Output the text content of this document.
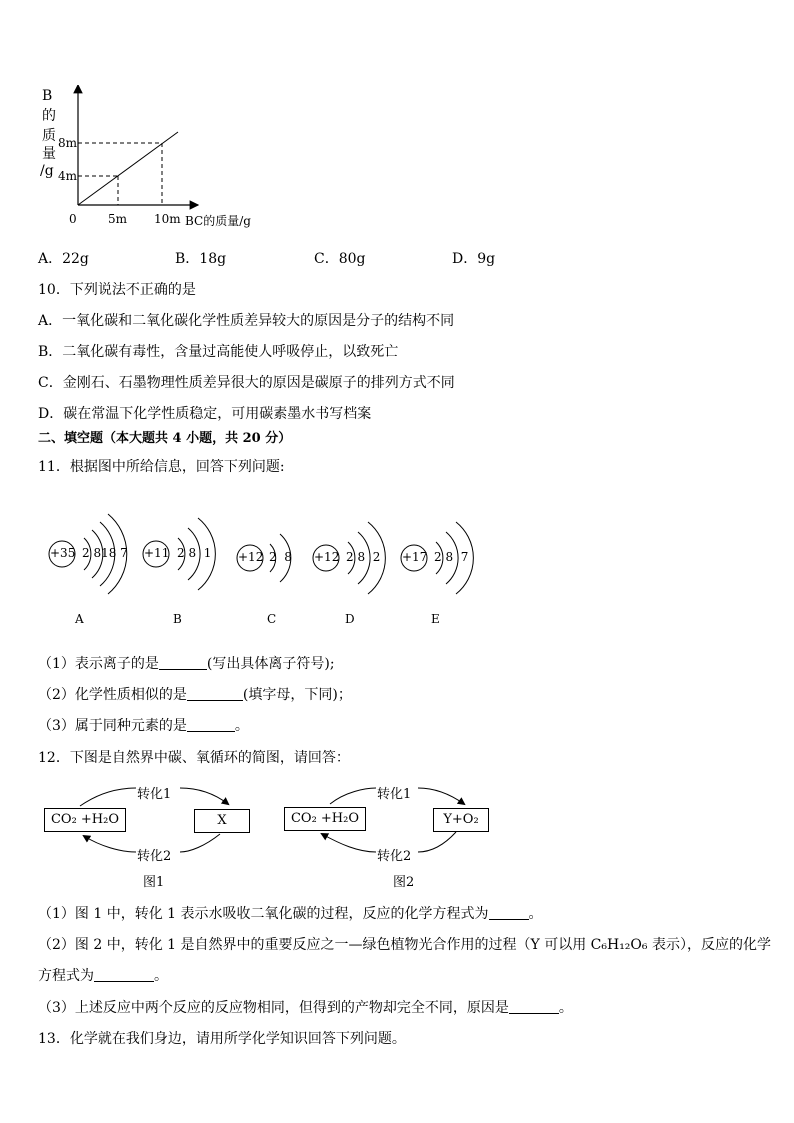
B
的
质
量
/g
8m
4m
0	5m 10m BC的质量/g
A．22g	B．18g	C．80g	D．9g
10．下列说法不正确的是
A．一氧化碳和二氧化碳化学性质差异较大的原因是分子的结构不同
B．二氧化碳有毒性，含量过高能使人呼吸停止，以致死亡
C．金刚石、石墨物理性质差异很大的原因是碳原子的排列方式不同
D．碳在常温下化学性质稳定，可用碳素墨水书写档案
二、填空题（本大题共 4 小题，共 20 分）
11．根据图中所给信息，回答下列问题:
+35 2 818 7 +11 2 8  1 +12 2  8 +12 2 8  2 +17 2 8  7
A	B	C	D	E
（1）表示离子的是	(写出具体离子符号);
（2）化学性质相似的是	(填字母，下同)；
（3）属于同种元素的是	。
12．下图是自然界中碳、氧循环的简图，请回答：
转化1
CO₂ +H₂O	X
转化2
图1
转化1
CO₂ +H₂O	Y+O₂
转化2
图2
（1）图 1 中，转化 1 表示水吸收二氧化碳的过程，反应的化学方程式为	。
（2）图 2 中，转化 1 是自然界中的重要反应之一—绿色植物光合作用的过程（Y 可以用 C₆H₁₂O₆ 表示），反应的化学
方程式为	。
（3）上述反应中两个反应的反应物相同，但得到的产物却完全不同，原因是	。
13．化学就在我们身边，请用所学化学知识回答下列问题。
